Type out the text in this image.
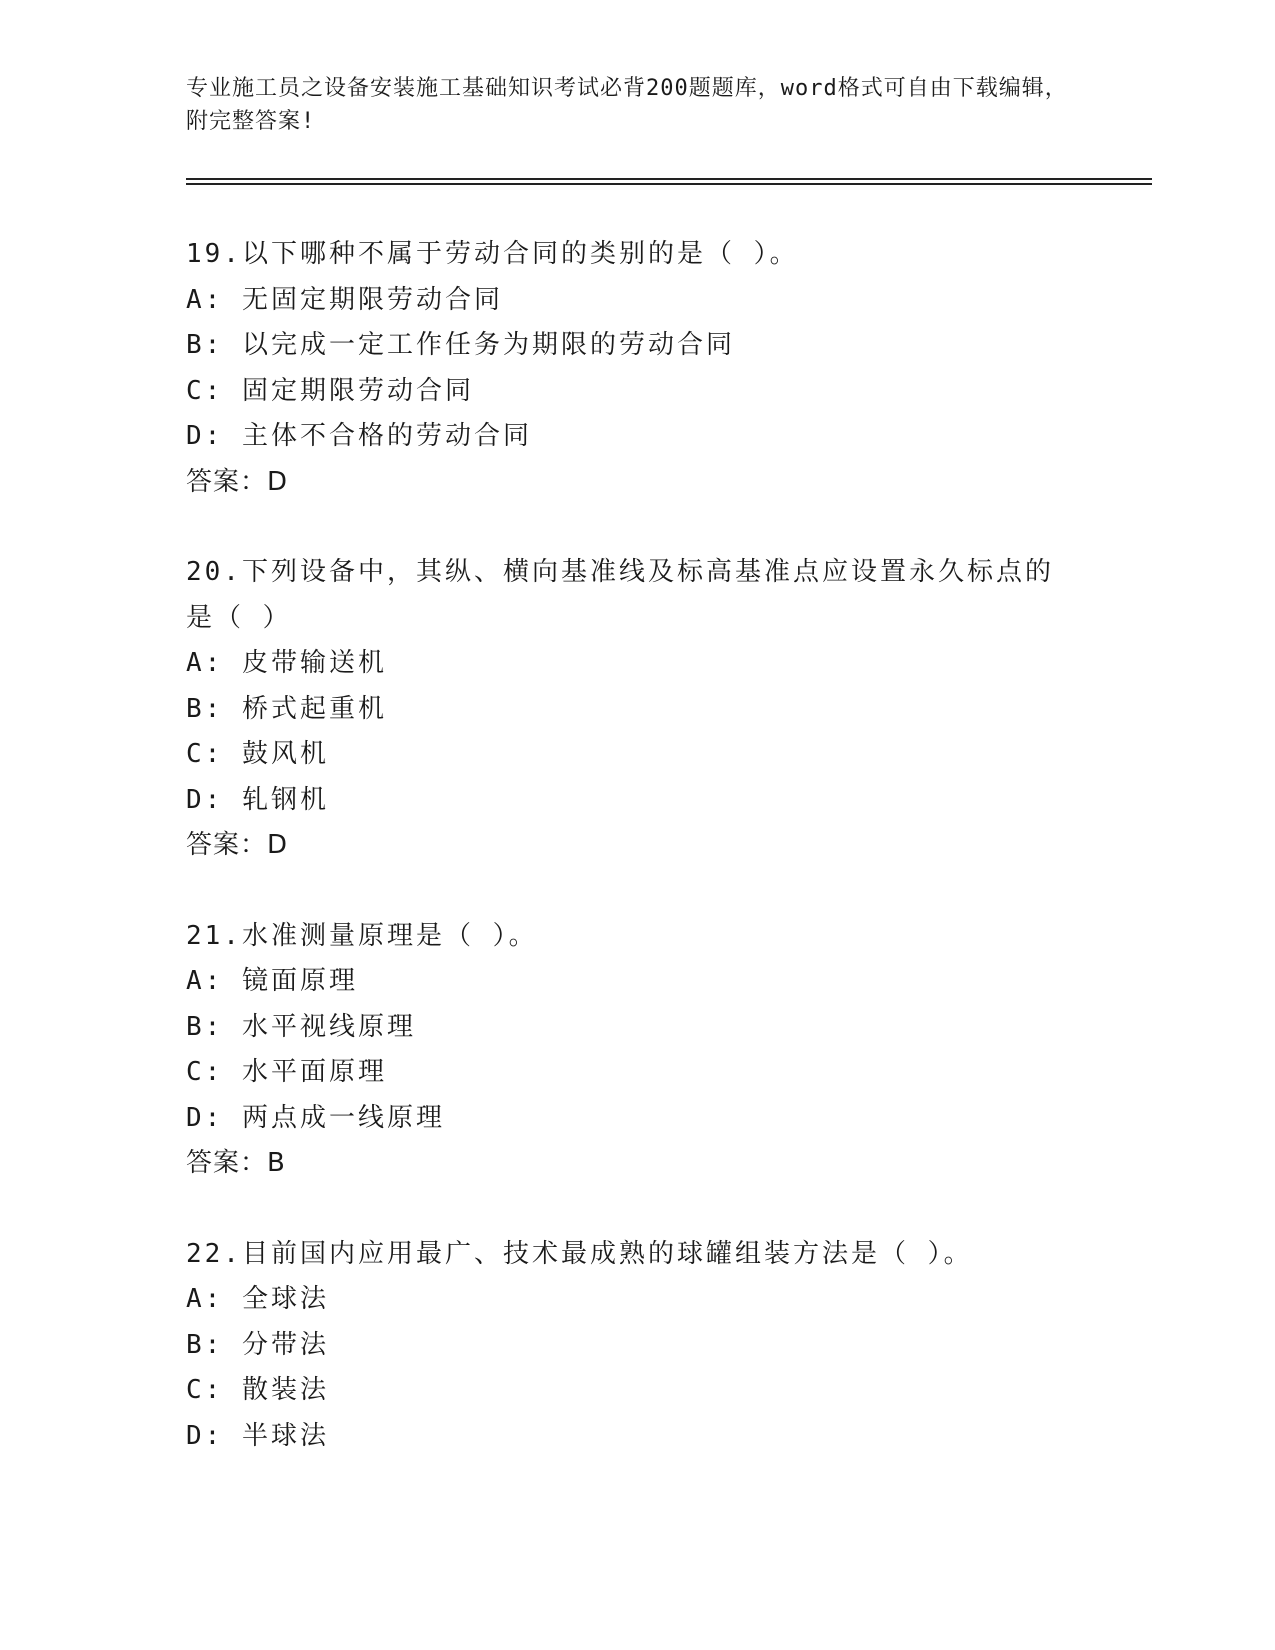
专业施工员之设备安装施工基础知识考试必背200题题库，word格式可自由下载编辑，附完整答案!
19.以下哪种不属于劳动合同的类别的是（ ）。
A: 无固定期限劳动合同
B: 以完成一定工作任务为期限的劳动合同
C: 固定期限劳动合同
D: 主体不合格的劳动合同
答案：D
20.下列设备中，其纵、横向基准线及标高基准点应设置永久标点的是（ ）
A: 皮带输送机
B: 桥式起重机
C: 鼓风机
D: 轧钢机
答案：D
21.水准测量原理是（ ）。
A: 镜面原理
B: 水平视线原理
C: 水平面原理
D: 两点成一线原理
答案：B
22.目前国内应用最广、技术最成熟的球罐组装方法是（ ）。
A: 全球法
B: 分带法
C: 散装法
D: 半球法
